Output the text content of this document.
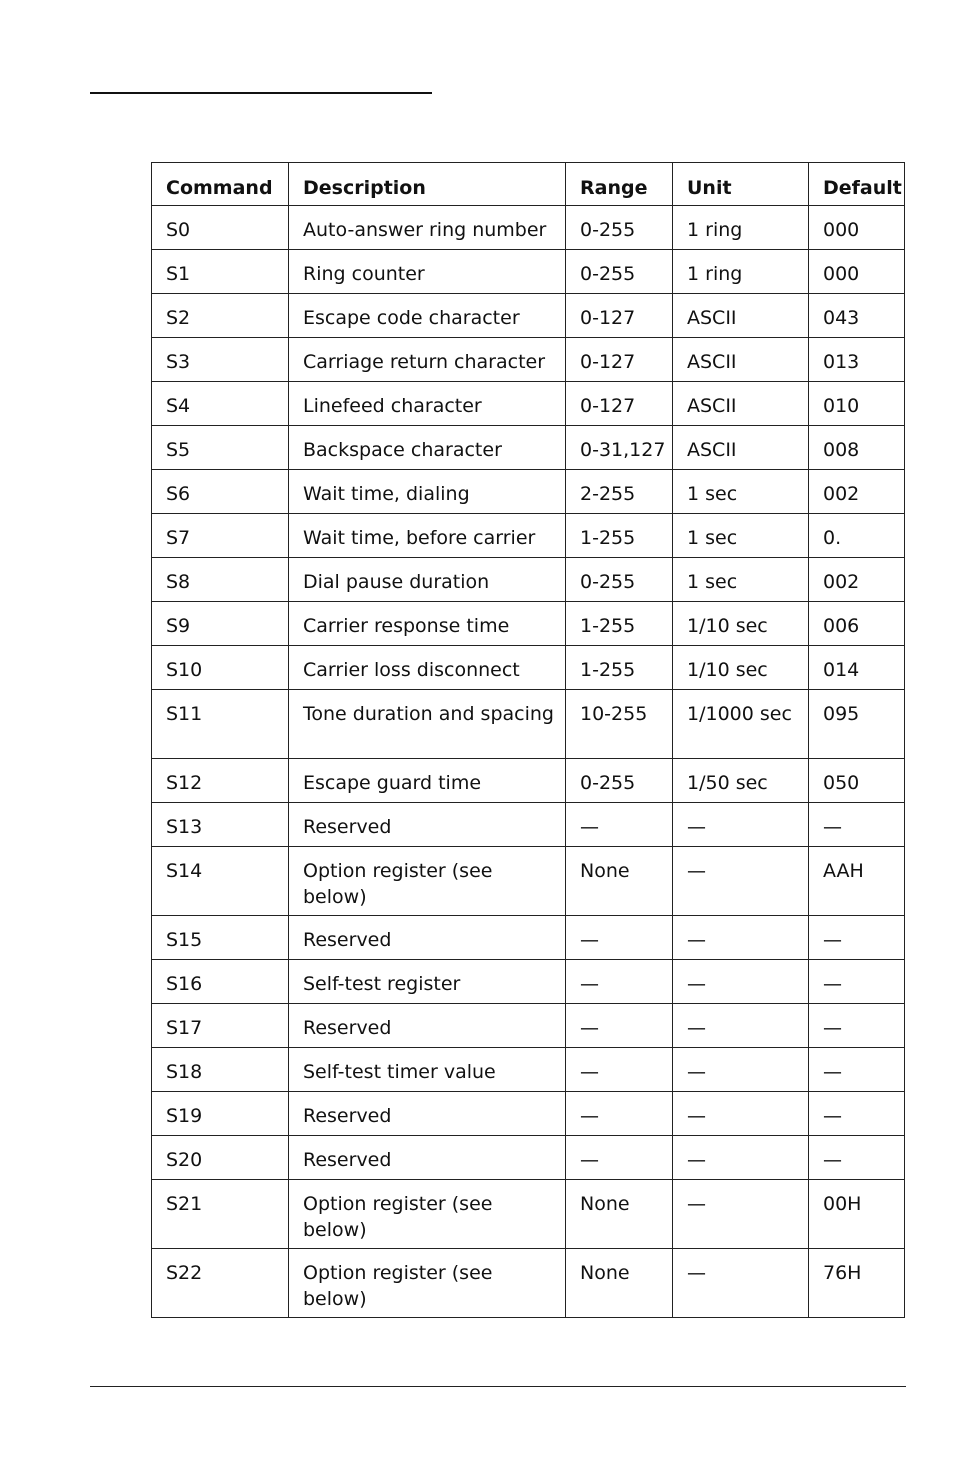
Command	Description	Range	Unit	Default
S0	Auto-answer ring number	0-255	1 ring	000
S1	Ring counter	0-255	1 ring	000
S2	Escape code character	0-127	ASCII	043
S3	Carriage return character	0-127	ASCII	013
S4	Linefeed character	0-127	ASCII	010
S5	Backspace character	0-31,127	ASCII	008
S6	Wait time, dialing	2-255	1 sec	002
S7	Wait time, before carrier	1-255	1 sec	0.
S8	Dial pause duration	0-255	1 sec	002
S9	Carrier response time	1-255	1/10 sec	006
S10	Carrier loss disconnect	1-255	1/10 sec	014
S11	Tone duration and spacing	10-255	1/1000 sec	095
S12	Escape guard time	0-255	1/50 sec	050
S13	Reserved	—	—	—
S14	Option register (see below)	None	—	AAH
S15	Reserved	—	—	—
S16	Self-test register	—	—	—
S17	Reserved	—	—	—
S18	Self-test timer value	—	—	—
S19	Reserved	—	—	—
S20	Reserved	—	—	—
S21	Option register (see below)	None	—	00H
S22	Option register (see below)	None	—	76H
